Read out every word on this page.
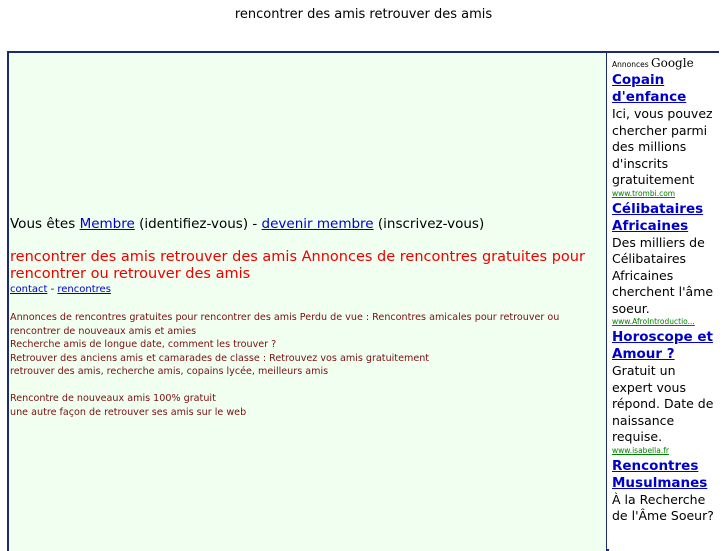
rencontrer des amis retrouver des amis
Vous êtes Membre (identifiez-vous) - devenir membre (inscrivez-vous)
rencontrer des amis retrouver des amis Annonces de rencontres gratuites pour rencontrer ou retrouver des amis
contact - rencontres

Annonces de rencontres gratuites pour rencontrer des amis Perdu de vue : Rencontres amicales pour retrouver ou rencontrer de nouveaux amis et amies
Recherche amis de longue date, comment les trouver ?
Retrouver des anciens amis et camarades de classe : Retrouvez vos amis gratuitement
retrouver des amis, recherche amis, copains lycée, meilleurs amis

Rencontre de nouveaux amis 100% gratuit
une autre façon de retrouver ses amis sur le web

Annonces Google
Copain d'enfance
Ici, vous pouvez chercher parmi des millions d'inscrits gratuitement
www.trombi.com
Célibataires Africaines
Des milliers de Célibataires Africaines cherchent l'âme soeur.
www.AfroIntroductio...
Horoscope et Amour ?
Gratuit un expert vous répond. Date de naissance requise.
www.isabella.fr
Rencontres Musulmanes
À la Recherche de l'Âme Soeur?
